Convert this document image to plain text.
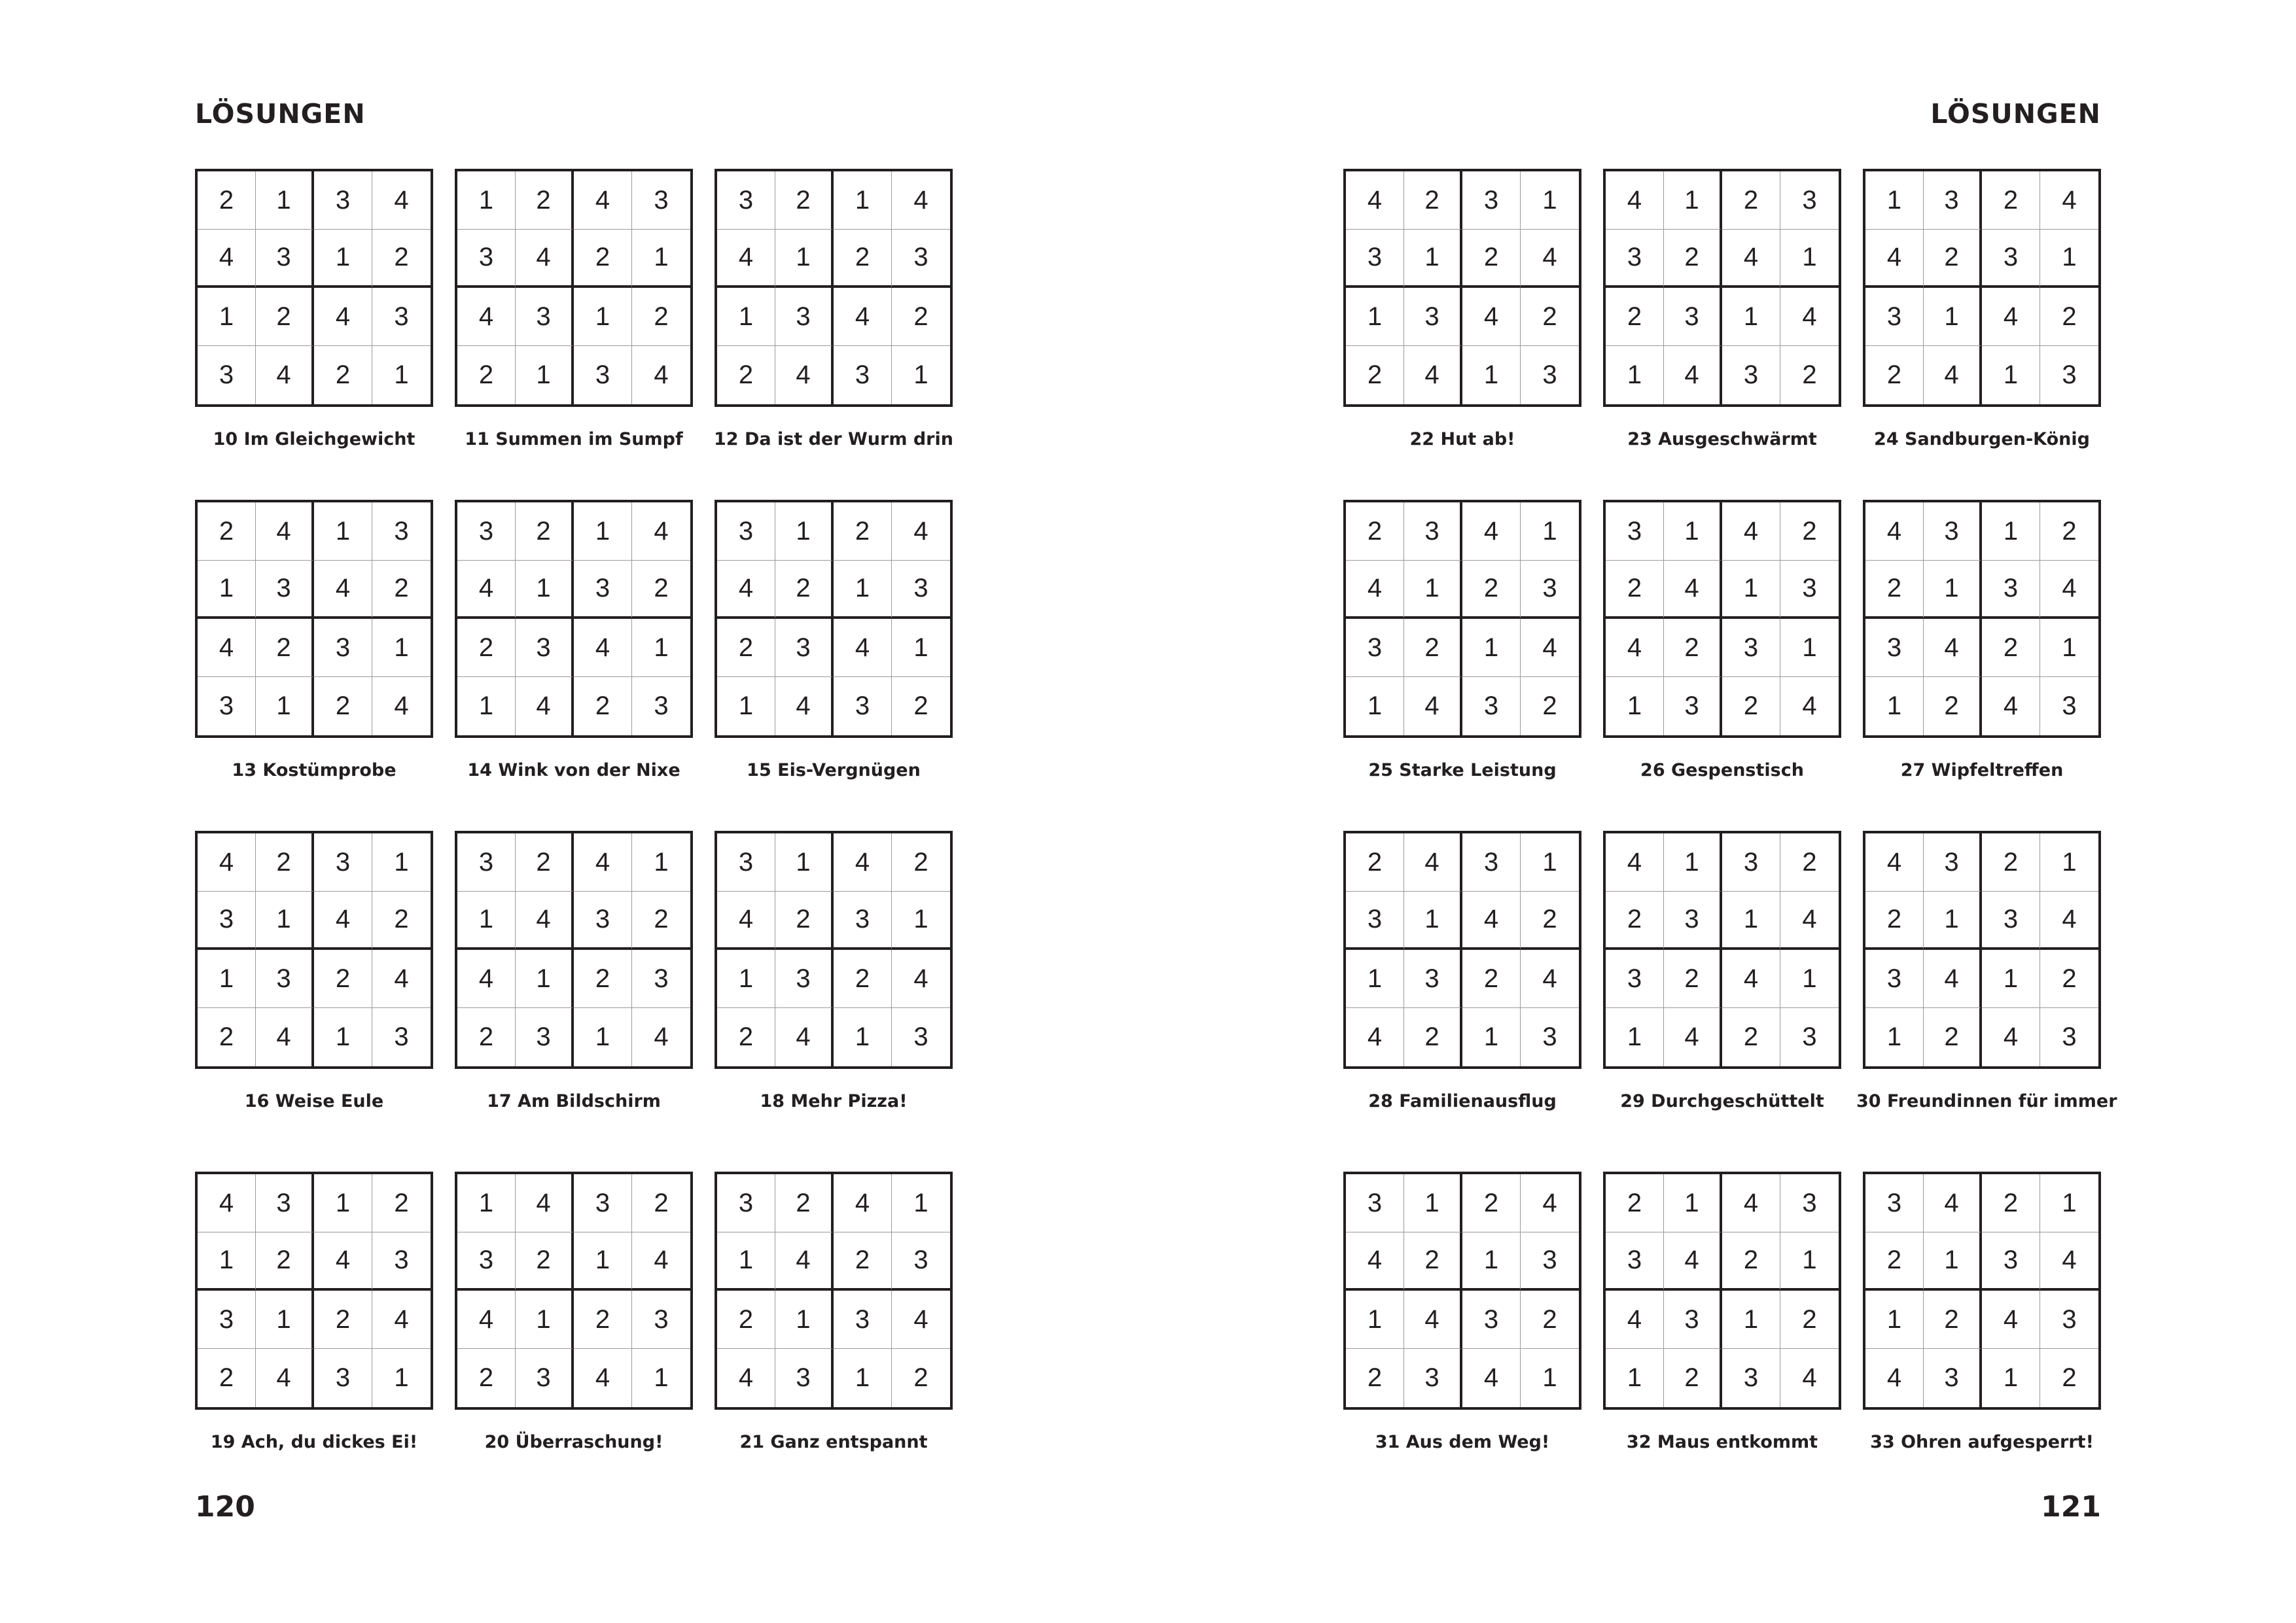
LÖSUNGEN
2	1	3	4
4	3	1	2
1	2	4	3
3	4	2	1
10 Im Gleichgewicht
1	2	4	3
3	4	2	1
4	3	1	2
2	1	3	4
11 Summen im Sumpf
3	2	1	4
4	1	2	3
1	3	4	2
2	4	3	1
12 Da ist der Wurm drin
2	4	1	3
1	3	4	2
4	2	3	1
3	1	2	4
13 Kostümprobe
3	2	1	4
4	1	3	2
2	3	4	1
1	4	2	3
14 Wink von der Nixe
3	1	2	4
4	2	1	3
2	3	4	1
1	4	3	2
15 Eis-Vergnügen
4	2	3	1
3	1	4	2
1	3	2	4
2	4	1	3
16 Weise Eule
3	2	4	1
1	4	3	2
4	1	2	3
2	3	1	4
17 Am Bildschirm
3	1	4	2
4	2	3	1
1	3	2	4
2	4	1	3
18 Mehr Pizza!
4	3	1	2
1	2	4	3
3	1	2	4
2	4	3	1
19 Ach, du dickes Ei!
1	4	3	2
3	2	1	4
4	1	2	3
2	3	4	1
20 Überraschung!
3	2	4	1
1	4	2	3
2	1	3	4
4	3	1	2
21 Ganz entspannt
120
LÖSUNGEN
4	2	3	1
3	1	2	4
1	3	4	2
2	4	1	3
22 Hut ab!
4	1	2	3
3	2	4	1
2	3	1	4
1	4	3	2
23 Ausgeschwärmt
1	3	2	4
4	2	3	1
3	1	4	2
2	4	1	3
24 Sandburgen-König
2	3	4	1
4	1	2	3
3	2	1	4
1	4	3	2
25 Starke Leistung
3	1	4	2
2	4	1	3
4	2	3	1
1	3	2	4
26 Gespenstisch
4	3	1	2
2	1	3	4
3	4	2	1
1	2	4	3
27 Wipfeltreffen
2	4	3	1
3	1	4	2
1	3	2	4
4	2	1	3
28 Familienausflug
4	1	3	2
2	3	1	4
3	2	4	1
1	4	2	3
29 Durchgeschüttelt
4	3	2	1
2	1	3	4
3	4	1	2
1	2	4	3
30 Freundinnen für immer
3	1	2	4
4	2	1	3
1	4	3	2
2	3	4	1
31 Aus dem Weg!
2	1	4	3
3	4	2	1
4	3	1	2
1	2	3	4
32 Maus entkommt
3	4	2	1
2	1	3	4
1	2	4	3
4	3	1	2
33 Ohren aufgesperrt!
121
